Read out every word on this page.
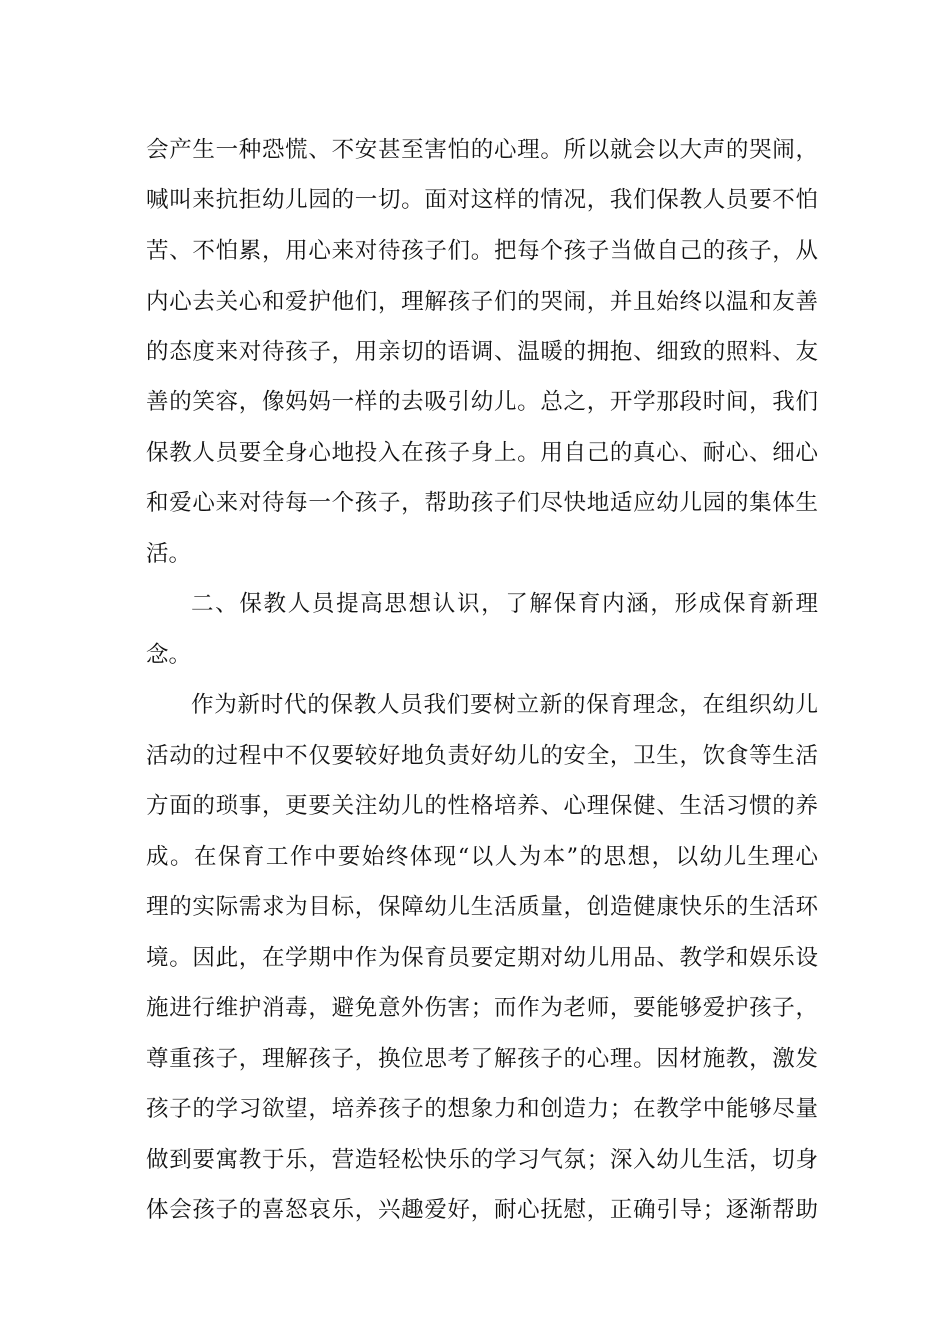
会产生一种恐慌、不安甚至害怕的心理。所以就会以大声的哭闹，
喊叫来抗拒幼儿园的一切。面对这样的情况，我们保教人员要不怕
苦、不怕累，用心来对待孩子们。把每个孩子当做自己的孩子，从
内心去关心和爱护他们，理解孩子们的哭闹，并且始终以温和友善
的态度来对待孩子，用亲切的语调、温暖的拥抱、细致的照料、友
善的笑容，像妈妈一样的去吸引幼儿。总之，开学那段时间，我们
保教人员要全身心地投入在孩子身上。用自己的真心、耐心、细心
和爱心来对待每一个孩子，帮助孩子们尽快地适应幼儿园的集体生
活。
二、保教人员提高思想认识，了解保育内涵，形成保育新理
念。
作为新时代的保教人员我们要树立新的保育理念，在组织幼儿
活动的过程中不仅要较好地负责好幼儿的安全，卫生，饮食等生活
方面的琐事，更要关注幼儿的性格培养、心理保健、生活习惯的养
成。在保育工作中要始终体现“以人为本”的思想，以幼儿生理心
理的实际需求为目标，保障幼儿生活质量，创造健康快乐的生活环
境。因此，在学期中作为保育员要定期对幼儿用品、教学和娱乐设
施进行维护消毒，避免意外伤害；而作为老师，要能够爱护孩子，
尊重孩子，理解孩子，换位思考了解孩子的心理。因材施教，激发
孩子的学习欲望，培养孩子的想象力和创造力；在教学中能够尽量
做到要寓教于乐，营造轻松快乐的学习气氛；深入幼儿生活，切身
体会孩子的喜怒哀乐，兴趣爱好，耐心抚慰，正确引导；逐渐帮助
